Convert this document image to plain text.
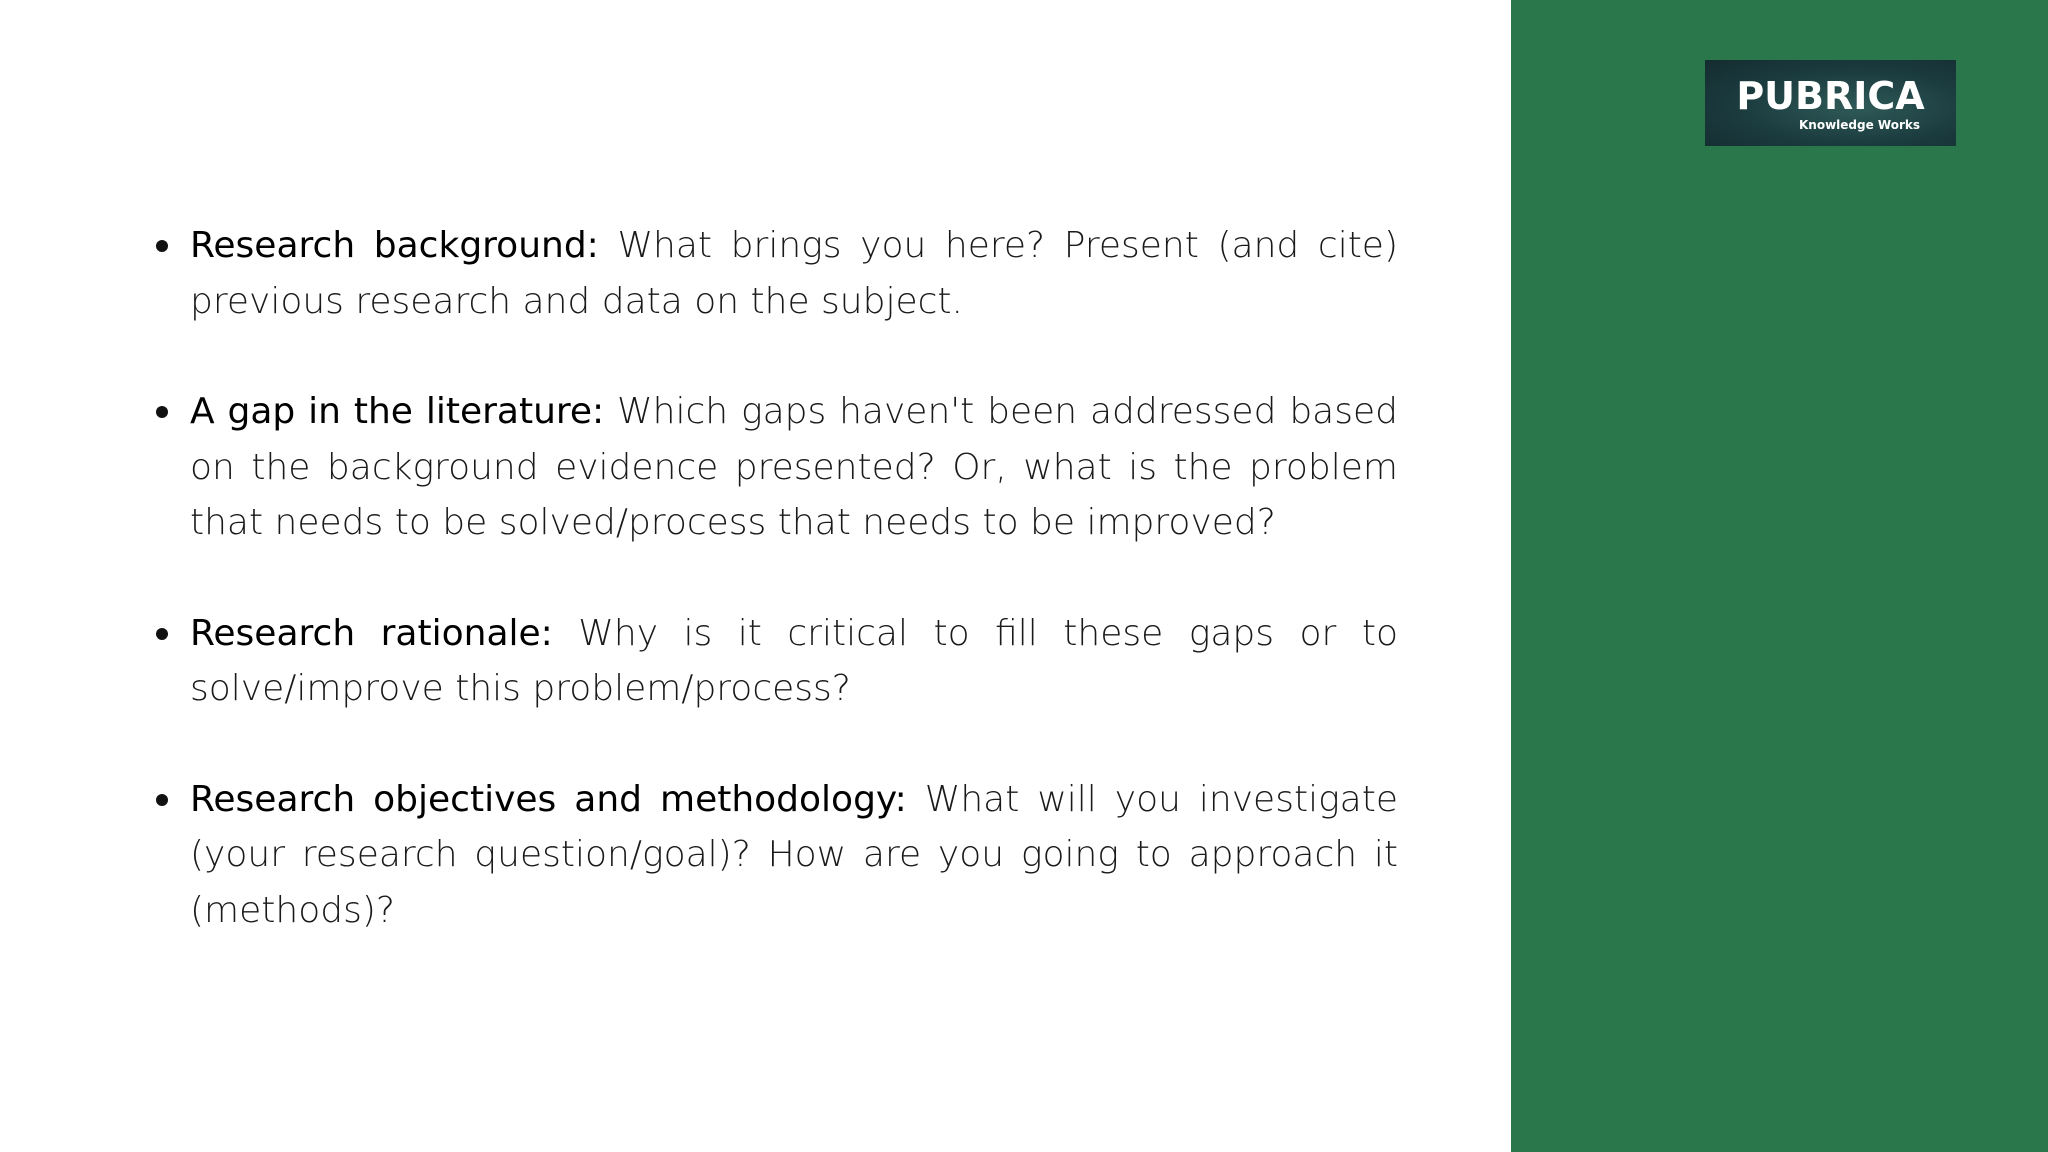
Research background: What brings you here? Present (and cite) previous research and data on the subject.
A gap in the literature: Which gaps haven't been addressed based on the background evidence presented? Or, what is the problem that needs to be solved/process that needs to be improved?
Research rationale: Why is it critical to fill these gaps or to solve/improve this problem/process?
Research objectives and methodology: What will you investigate (your research question/goal)? How are you going to approach it (methods)?
PUBRICA
Knowledge Works
